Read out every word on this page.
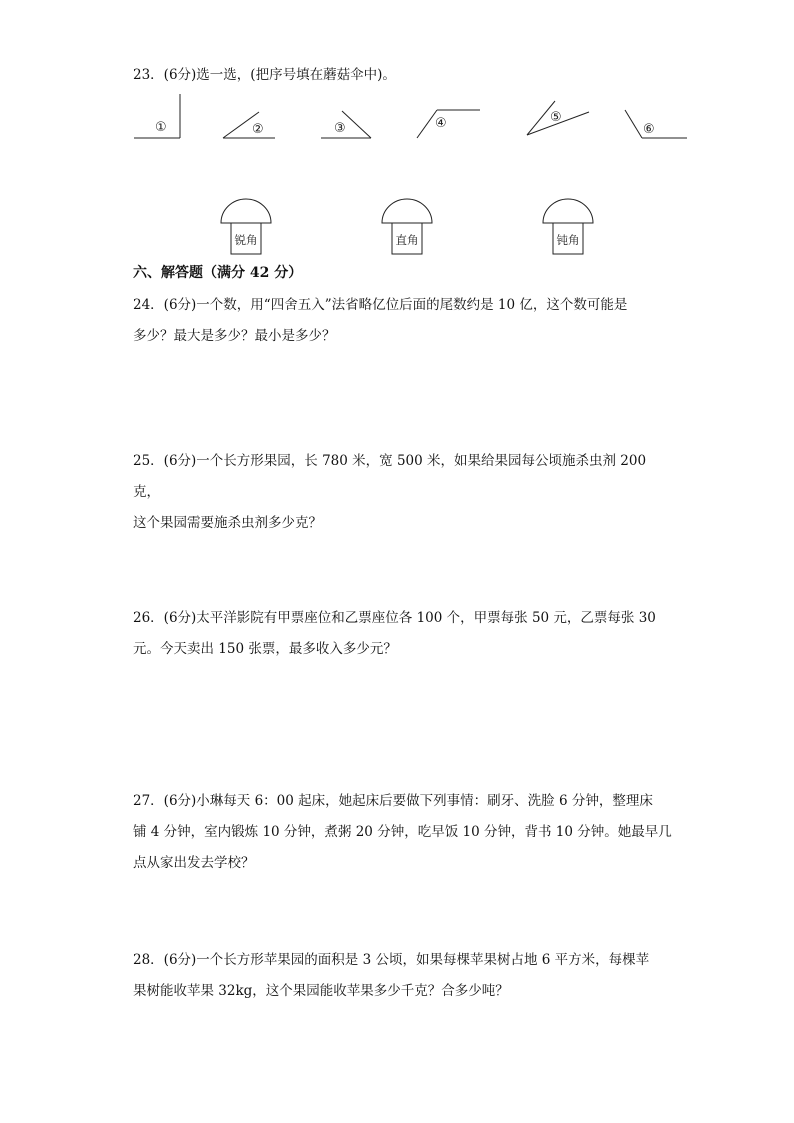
23．(6分)选一选，(把序号填在蘑菇伞中)。

①	②	③	④	⑤
⑥
锐角	直角	钝角
六、解答题（满分 42 分）

24．(6分)一个数，用“四舍五入”法省略亿位后面的尾数约是 10 亿，这个数可能是

多少？最大是多少？最小是多少？

25．(6分)一个长方形果园，长 780 米，宽 500 米，如果给果园每公顷施杀虫剂 200 克，

这个果园需要施杀虫剂多少克？

26．(6分)太平洋影院有甲票座位和乙票座位各 100 个，甲票每张 50 元，乙票每张 30

元。今天卖出 150 张票，最多收入多少元？

27．(6分)小琳每天 6：00 起床，她起床后要做下列事情：刷牙、洗脸 6 分钟，整理床

铺 4 分钟，室内锻炼 10 分钟，煮粥 20 分钟，吃早饭 10 分钟，背书 10 分钟。她最早几

点从家出发去学校？

28．(6分)一个长方形苹果园的面积是 3 公顷，如果每棵苹果树占地 6 平方米，每棵苹

果树能收苹果 32kg，这个果园能收苹果多少千克？合多少吨？
